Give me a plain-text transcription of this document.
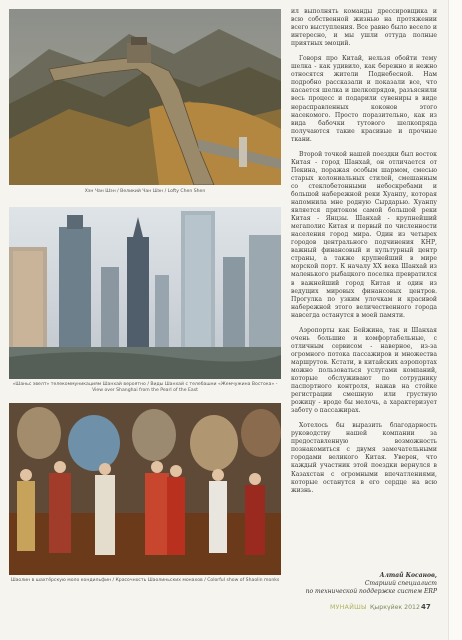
Хэн Чан Шэн / Великий Чан Шэн / Lofty Chen Shen
«Шаньс эвелт» телекоммуникациям Шанхай вероятно / Виды Шанхай с телебашни «Жемчужина Востока» - View over Shanghai from the Pearl of the East
Шаолин в шахтёрскую моло кондильфин / Красочность Шаолиньских монахов / Colorful show of Shaolin monks

ил выполнять команды дрессировщика и всю собственной жизнью на протяжении всего выступления. Все равно было весело и интересно, и мы ушли оттуда полные приятных эмоций.

Говоря про Китай, нельзя обойти тему шелка - как удивило, как бережно и нежно относятся жители Поднебесной. Нам подробно рассказали и показали все, что касается шелка и шелкопрядов, разъяснили весь процесс и подарили сувениры в виде нерасправленных коконов этого насекомого. Просто поразительно, как из вида бабочки тутового шелкопряда получаются такие красивые и прочные ткани.

Второй точкой нашей поездки был восток Китая - город Шанхай, он отличается от Пекина, поражая особым шармом, смесью старых колониальных стилей, смешанным со стеклобетонными небоскребами и большой набережной реки Хуанпу, которая напомнила мне родную Сырдарью. Хуанпу является притоком самой большой реки Китая - Янцзы. Шанхай - крупнейший мегаполис Китая и первый по численности населения город мира. Один из четырех городов центрального подчинения КНР, важный финансовый и культурный центр страны, а также крупнейший в мире морской порт. К началу XX века Шанхай из маленького рыбацкого поселка превратился в важнейший город Китая и один из ведущих мировых финансовых центров. Прогулка по узким улочкам и красивой набережной этого величественного города навсегда останутся в моей памяти.

Аэропорты как Бейжина, так и Шанхая очень большие и комфортабельные, с отличным сервисом - наверное, из-за огромного потока пассажиров и множества маршрутов. Кстати, в китайских аэропортах можно пользоваться услугами компаний, которые обслуживают по сотруднику паспортного контроля, нажав на стойке регистрации смешную или грустную рожицу - вроде бы мелочь, а характеризует заботу о пассажирах.

Хотелось бы выразить благодарность руководству нашей компании за предоставленную возможность познакомиться с двумя замечательными городами великого Китая. Уверен, что каждый участник этой поездки вернулся в Казахстан с огромными впечатлениями, которые останутся в его сердце на всю жизнь.

Алтай Косанов,
Старший специалист
по технической поддержке систем ERP
МУНАЙШЫ Қыркүйек 2012 47
